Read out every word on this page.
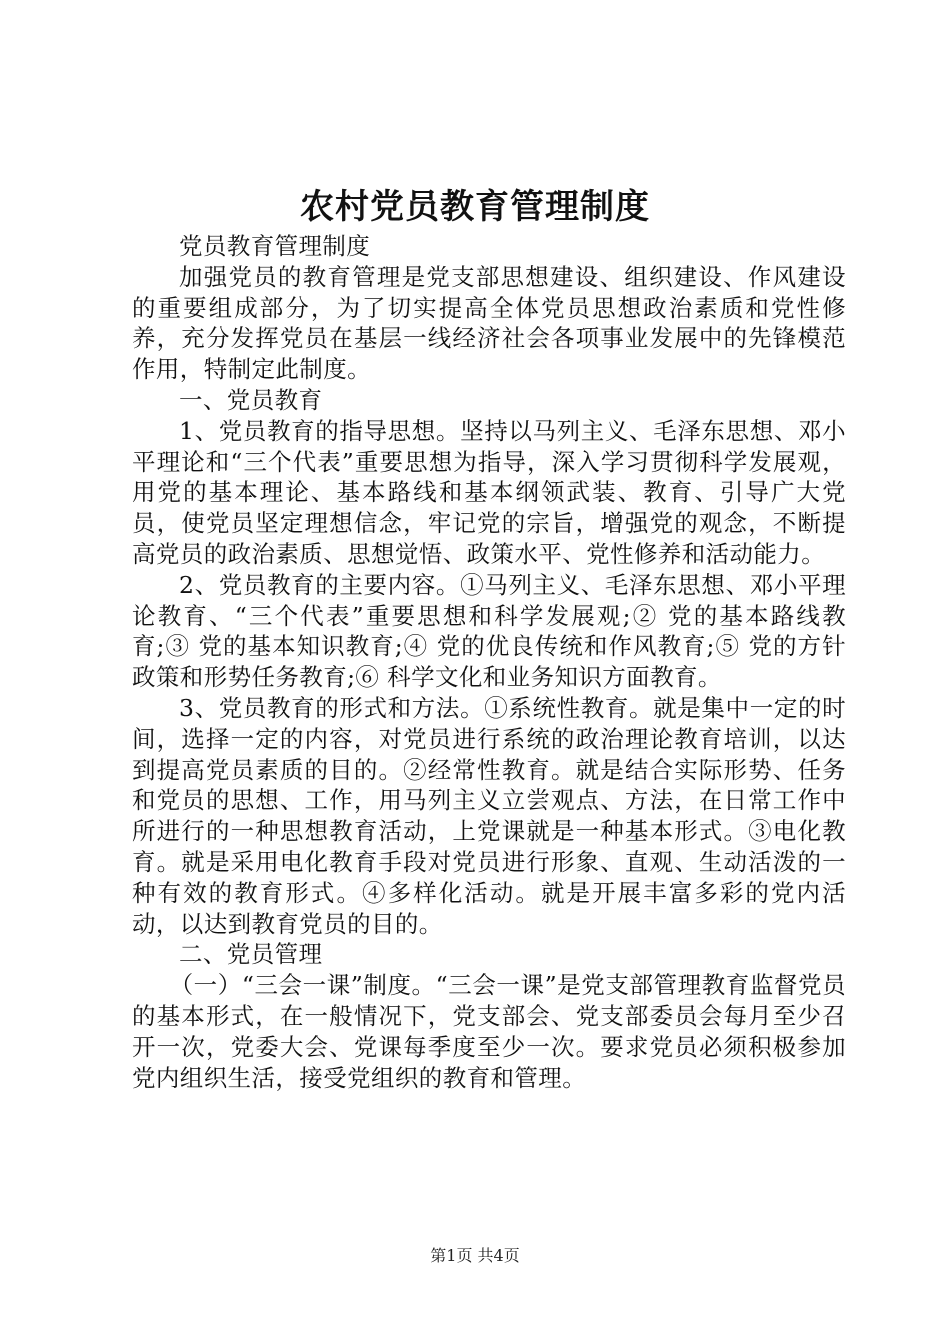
农村党员教育管理制度

党员教育管理制度

加强党员的教育管理是党支部思想建设、组织建设、作风建设的重要组成部分，为了切实提高全体党员思想政治素质和党性修养，充分发挥党员在基层一线经济社会各项事业发展中的先锋模范作用，特制定此制度。

一、党员教育

1、党员教育的指导思想。坚持以马列主义、毛泽东思想、邓小平理论和“三个代表”重要思想为指导，深入学习贯彻科学发展观，用党的基本理论、基本路线和基本纲领武装、教育、引导广大党员，使党员坚定理想信念，牢记党的宗旨，增强党的观念，不断提高党员的政治素质、思想觉悟、政策水平、党性修养和活动能力。

2、党员教育的主要内容。①马列主义、毛泽东思想、邓小平理论教育、“三个代表”重要思想和科学发展观;② 党的基本路线教育;③ 党的基本知识教育;④ 党的优良传统和作风教育;⑤ 党的方针政策和形势任务教育;⑥ 科学文化和业务知识方面教育。

3、党员教育的形式和方法。①系统性教育。就是集中一定的时间，选择一定的内容，对党员进行系统的政治理论教育培训，以达到提高党员素质的目的。②经常性教育。就是结合实际形势、任务和党员的思想、工作，用马列主义立尝观点、方法，在日常工作中所进行的一种思想教育活动，上党课就是一种基本形式。③电化教育。就是采用电化教育手段对党员进行形象、直观、生动活泼的一种有效的教育形式。④多样化活动。就是开展丰富多彩的党内活动，以达到教育党员的目的。

二、党员管理

（一）“三会一课”制度。“三会一课”是党支部管理教育监督党员的基本形式，在一般情况下，党支部会、党支部委员会每月至少召开一次，党委大会、党课每季度至少一次。要求党员必须积极参加党内组织生活，接受党组织的教育和管理。

第1页 共4页
